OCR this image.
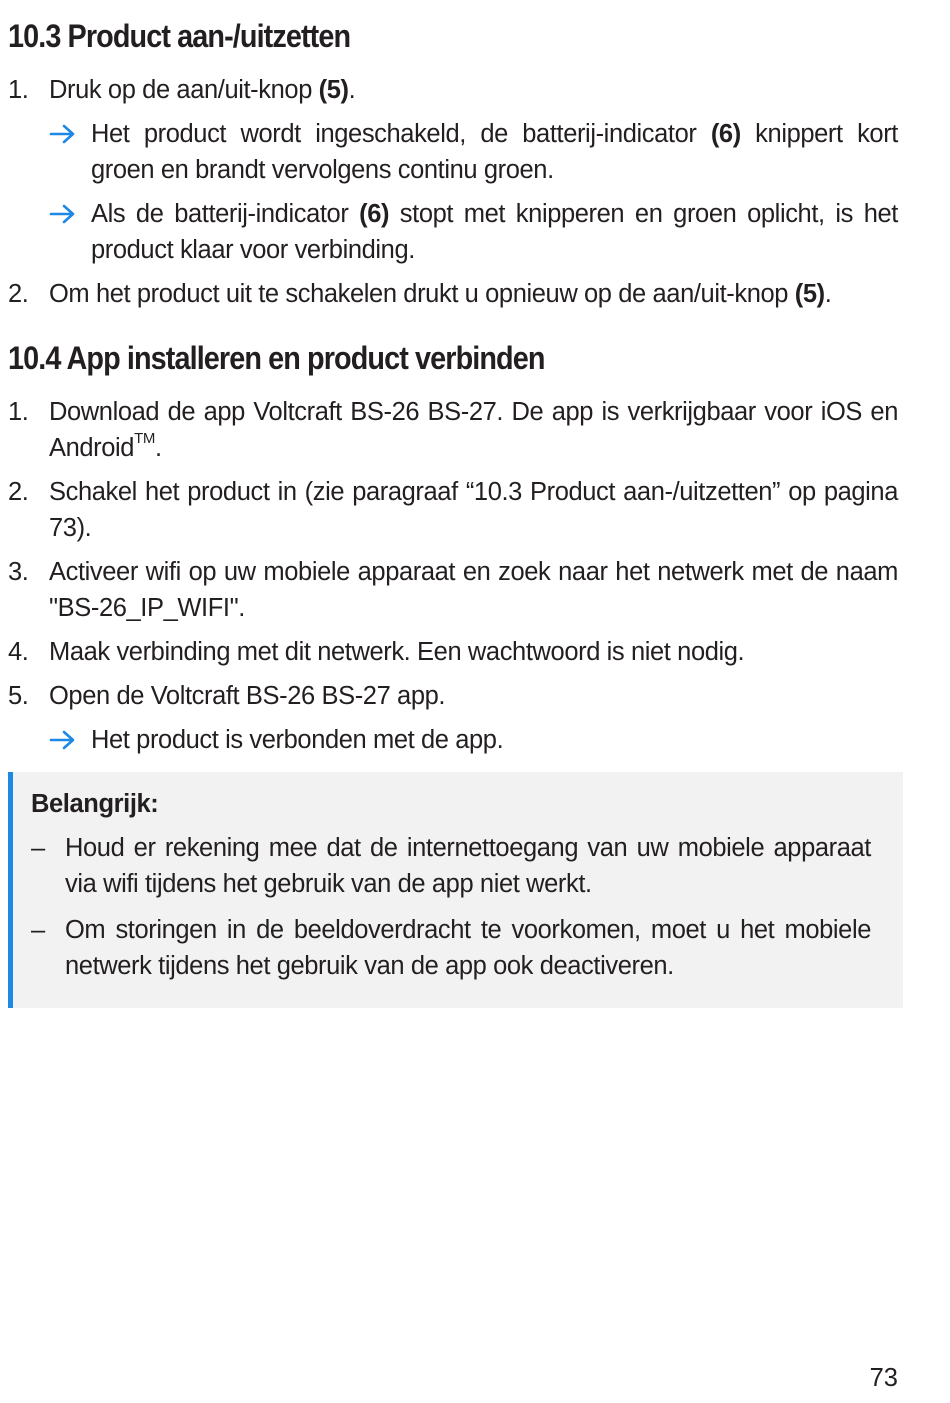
10.3 Product aan-/uitzetten
1. Druk op de aan/uit-knop (5).
Het product wordt ingeschakeld, de batterij-indicator (6) knippert kort groen en brandt vervolgens continu groen.
Als de batterij-indicator (6) stopt met knipperen en groen oplicht, is het product klaar voor verbinding.
2. Om het product uit te schakelen drukt u opnieuw op de aan/uit-knop (5).
10.4 App installeren en product verbinden
1. Download de app Voltcraft BS-26 BS-27. De app is verkrijgbaar voor iOS en Android™.
2. Schakel het product in (zie paragraaf “10.3 Product aan-/uitzetten” op pagina 73).
3. Activeer wifi op uw mobiele apparaat en zoek naar het netwerk met de naam "BS-26_IP_WIFI".
4. Maak verbinding met dit netwerk. Een wachtwoord is niet nodig.
5. Open de Voltcraft BS-26 BS-27 app.
Het product is verbonden met de app.
Belangrijk:
– Houd er rekening mee dat de internettoegang van uw mobiele apparaat via wifi tijdens het gebruik van de app niet werkt.
– Om storingen in de beeldoverdracht te voorkomen, moet u het mobiele netwerk tijdens het gebruik van de app ook deactiveren.
73
